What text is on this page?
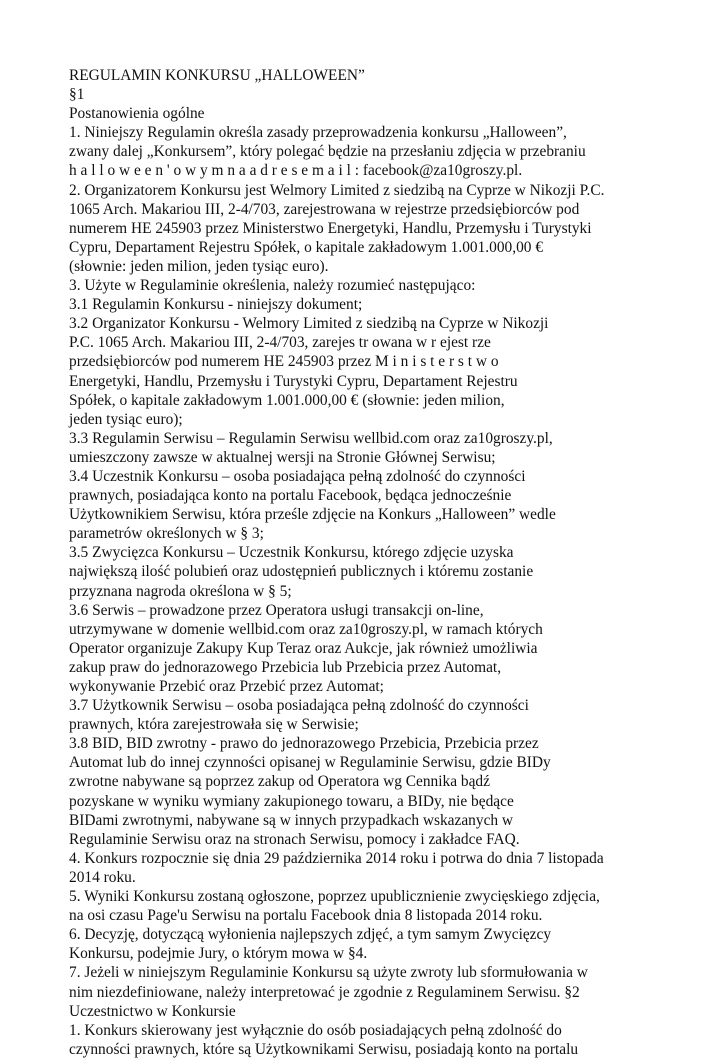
REGULAMIN KONKURSU „HALLOWEEN”
§1
Postanowienia ogólne
1. Niniejszy Regulamin określa zasady przeprowadzenia konkursu „Halloween”,
zwany dalej „Konkursem”, który polegać będzie na przesłaniu zdjęcia w przebraniu
h a l l o w e e n ' o w y m n a a d r e s e m a i l : facebook@za10groszy.pl.
2. Organizatorem Konkursu jest Welmory Limited z siedzibą na Cyprze w Nikozji P.C.
1065 Arch. Makariou III, 2-4/703, zarejestrowana w rejestrze przedsiębiorców pod
numerem HE 245903 przez Ministerstwo Energetyki, Handlu, Przemysłu i Turystyki
Cypru, Departament Rejestru Spółek, o kapitale zakładowym 1.001.000,00 €
(słownie: jeden milion, jeden tysiąc euro).
3. Użyte w Regulaminie określenia, należy rozumieć następująco:
3.1 Regulamin Konkursu - niniejszy dokument;
3.2 Organizator Konkursu - Welmory Limited z siedzibą na Cyprze w Nikozji
P.C. 1065 Arch. Makariou III, 2-4/703, zarejes tr owana w r ejest rze
przedsiębiorców pod numerem HE 245903 przez M i n i s t e r s t w o
Energetyki, Handlu, Przemysłu i Turystyki Cypru, Departament Rejestru
Spółek, o kapitale zakładowym 1.001.000,00 € (słownie: jeden milion,
jeden tysiąc euro);
3.3 Regulamin Serwisu – Regulamin Serwisu wellbid.com oraz za10groszy.pl,
umieszczony zawsze w aktualnej wersji na Stronie Głównej Serwisu;
3.4 Uczestnik Konkursu – osoba posiadająca pełną zdolność do czynności
prawnych, posiadająca konto na portalu Facebook, będąca jednocześnie
Użytkownikiem Serwisu, która prześle zdjęcie na Konkurs „Halloween” wedle
parametrów określonych w § 3;
3.5 Zwycięzca Konkursu – Uczestnik Konkursu, którego zdjęcie uzyska
największą ilość polubień oraz udostępnień publicznych i któremu zostanie
przyznana nagroda określona w § 5;
3.6 Serwis – prowadzone przez Operatora usługi transakcji on-line,
utrzymywane w domenie wellbid.com oraz za10groszy.pl, w ramach których
Operator organizuje Zakupy Kup Teraz oraz Aukcje, jak również umożliwia
zakup praw do jednorazowego Przebicia lub Przebicia przez Automat,
wykonywanie Przebić oraz Przebić przez Automat;
3.7 Użytkownik Serwisu – osoba posiadająca pełną zdolność do czynności
prawnych, która zarejestrowała się w Serwisie;
3.8 BID, BID zwrotny - prawo do jednorazowego Przebicia, Przebicia przez
Automat lub do innej czynności opisanej w Regulaminie Serwisu, gdzie BIDy
zwrotne nabywane są poprzez zakup od Operatora wg Cennika bądź
pozyskane w wyniku wymiany zakupionego towaru, a BIDy, nie będące
BIDami zwrotnymi, nabywane są w innych przypadkach wskazanych w
Regulaminie Serwisu oraz na stronach Serwisu, pomocy i zakładce FAQ.
4. Konkurs rozpocznie się dnia 29 października 2014 roku i potrwa do dnia 7 listopada
2014 roku.
5. Wyniki Konkursu zostaną ogłoszone, poprzez upublicznienie zwycięskiego zdjęcia,
na osi czasu Page'u Serwisu na portalu Facebook dnia 8 listopada 2014 roku.
6. Decyzję, dotyczącą wyłonienia najlepszych zdjęć, a tym samym Zwycięzcy
Konkursu, podejmie Jury, o którym mowa w §4.
7. Jeżeli w niniejszym Regulaminie Konkursu są użyte zwroty lub sformułowania w
nim niezdefiniowane, należy interpretować je zgodnie z Regulaminem Serwisu. §2
Uczestnictwo w Konkursie
1. Konkurs skierowany jest wyłącznie do osób posiadających pełną zdolność do
czynności prawnych, które są Użytkownikami Serwisu, posiadają konto na portalu
